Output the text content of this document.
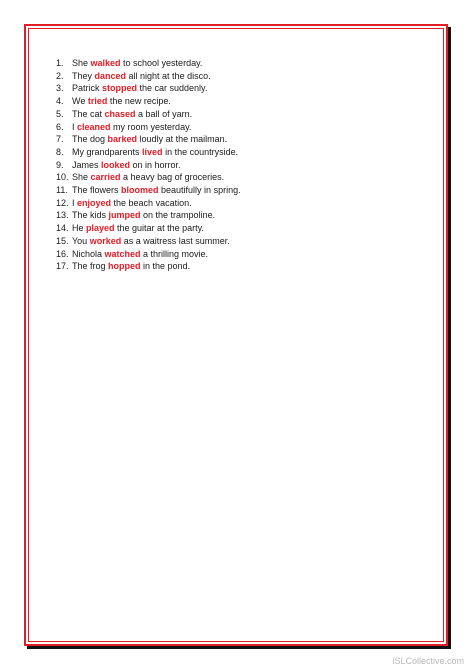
1. She walked to school yesterday.
2. They danced all night at the disco.
3. Patrick stopped the car suddenly.
4. We tried the new recipe.
5. The cat chased a ball of yarn.
6. I cleaned my room yesterday.
7. The dog barked loudly at the mailman.
8. My grandparents lived in the countryside.
9. James looked on in horror.
10. She carried a heavy bag of groceries.
11. The flowers bloomed beautifully in spring.
12. I enjoyed the beach vacation.
13. The kids jumped on the trampoline.
14. He played the guitar at the party.
15. You worked as a waitress last summer.
16. Nichola watched a thrilling movie.
17. The frog hopped in the pond.
iSLCollective.com
